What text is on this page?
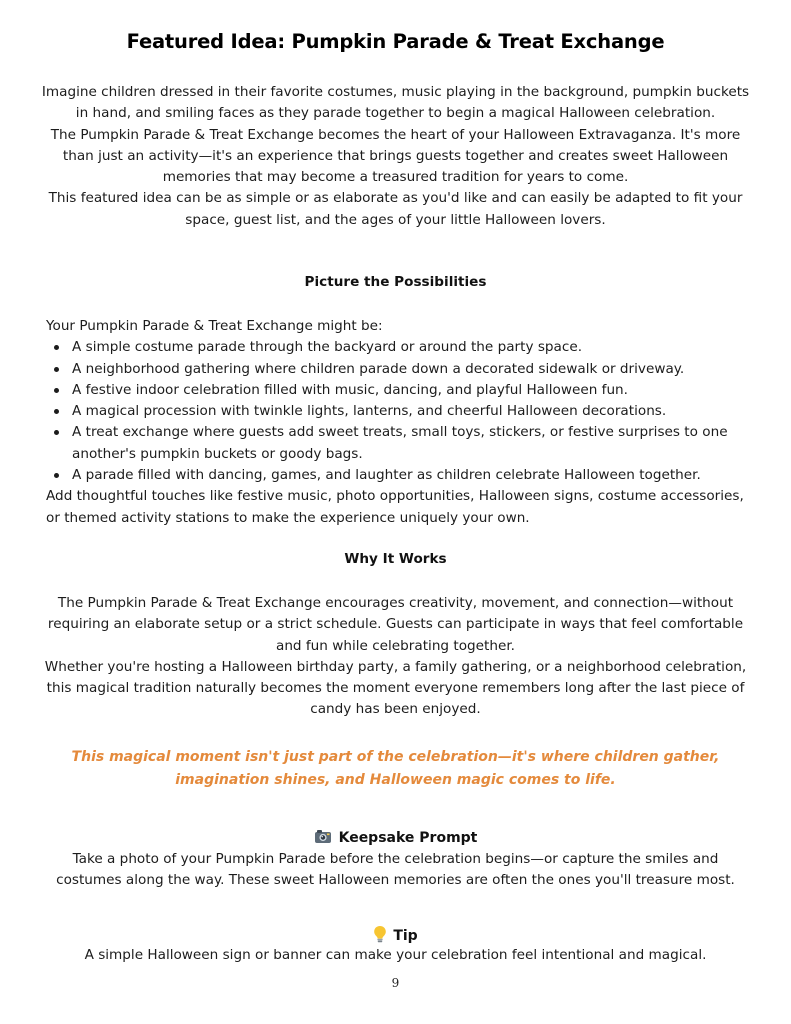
Featured Idea: Pumpkin Parade & Treat Exchange

Imagine children dressed in their favorite costumes, music playing in the background, pumpkin buckets in hand, and smiling faces as they parade together to begin a magical Halloween celebration.

The Pumpkin Parade & Treat Exchange becomes the heart of your Halloween Extravaganza. It's more than just an activity—it's an experience that brings guests together and creates sweet Halloween memories that may become a treasured tradition for years to come.

This featured idea can be as simple or as elaborate as you'd like and can easily be adapted to fit your space, guest list, and the ages of your little Halloween lovers.

Picture the Possibilities

Your Pumpkin Parade & Treat Exchange might be:

A simple costume parade through the backyard or around the party space.
A neighborhood gathering where children parade down a decorated sidewalk or driveway.
A festive indoor celebration filled with music, dancing, and playful Halloween fun.
A magical procession with twinkle lights, lanterns, and cheerful Halloween decorations.
A treat exchange where guests add sweet treats, small toys, stickers, or festive surprises to one another's pumpkin buckets or goody bags.
A parade filled with dancing, games, and laughter as children celebrate Halloween together.

Add thoughtful touches like festive music, photo opportunities, Halloween signs, costume accessories, or themed activity stations to make the experience uniquely your own.

Why It Works

The Pumpkin Parade & Treat Exchange encourages creativity, movement, and connection—without requiring an elaborate setup or a strict schedule. Guests can participate in ways that feel comfortable and fun while celebrating together.

Whether you're hosting a Halloween birthday party, a family gathering, or a neighborhood celebration, this magical tradition naturally becomes the moment everyone remembers long after the last piece of candy has been enjoyed.

This magical moment isn't just part of the celebration—it's where children gather, imagination shines, and Halloween magic comes to life.

Keepsake Prompt

Take a photo of your Pumpkin Parade before the celebration begins—or capture the smiles and costumes along the way. These sweet Halloween memories are often the ones you'll treasure most.

Tip

A simple Halloween sign or banner can make your celebration feel intentional and magical.

9
